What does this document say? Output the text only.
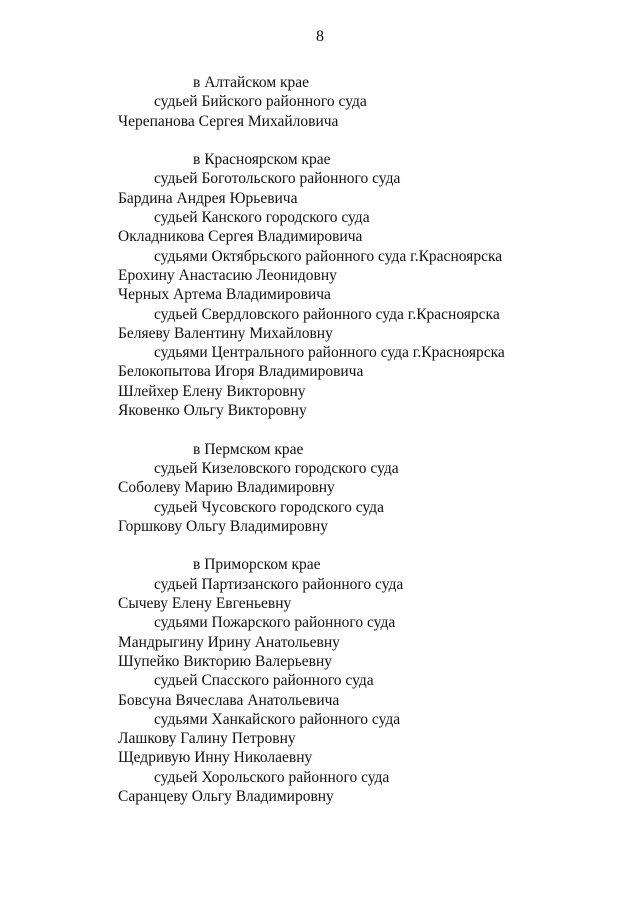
8
в Алтайском крае
судьей Бийского районного суда
Черепанова Сергея Михайловича
в Красноярском крае
судьей Боготольского районного суда
Бардина Андрея Юрьевича
судьей Канского городского суда
Окладникова Сергея Владимировича
судьями Октябрьского районного суда г.Красноярска
Ерохину Анастасию Леонидовну
Черных Артема Владимировича
судьей Свердловского районного суда г.Красноярска
Беляеву Валентину Михайловну
судьями Центрального районного суда г.Красноярска
Белокопытова Игоря Владимировича
Шлейхер Елену Викторовну
Яковенко Ольгу Викторовну
в Пермском крае
судьей Кизеловского городского суда
Соболеву Марию Владимировну
судьей Чусовского городского суда
Горшкову Ольгу Владимировну
в Приморском крае
судьей Партизанского районного суда
Сычеву Елену Евгеньевну
судьями Пожарского районного суда
Мандрыгину Ирину Анатольевну
Шупейко Викторию Валерьевну
судьей Спасского районного суда
Бовсуна Вячеслава Анатольевича
судьями Ханкайского районного суда
Лашкову Галину Петровну
Щедривую Инну Николаевну
судьей Хорольского районного суда
Саранцеву Ольгу Владимировну
